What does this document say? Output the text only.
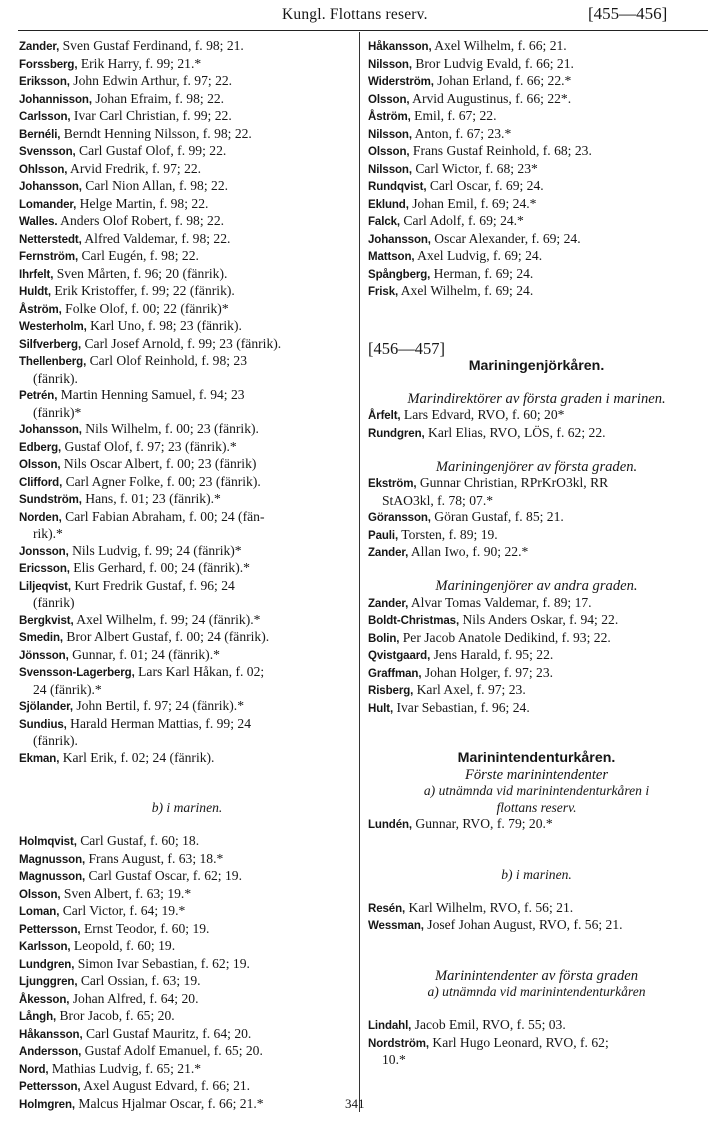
Kungl. Flottans reserv.	[455—456]
Zander, Sven Gustaf Ferdinand, f. 98; 21.
Forssberg, Erik Harry, f. 99; 21.*
Eriksson, John Edwin Arthur, f. 97; 22.
Johannisson, Johan Efraim, f. 98; 22.
Carlsson, Ivar Carl Christian, f. 99; 22.
Bernéli, Berndt Henning Nilsson, f. 98; 22.
Svensson, Carl Gustaf Olof, f. 99; 22.
Ohlsson, Arvid Fredrik, f. 97; 22.
Johansson, Carl Nion Allan, f. 98; 22.
Lomander, Helge Martin, f. 98; 22.
Walles. Anders Olof Robert, f. 98; 22.
Netterstedt, Alfred Valdemar, f. 98; 22.
Fernström, Carl Eugén, f. 98; 22.
Ihrfelt, Sven Mårten, f. 96; 20 (fänrik).
Huldt, Erik Kristoffer, f. 99; 22 (fänrik).
Åström, Folke Olof, f. 00; 22 (fänrik)*
Westerholm, Karl Uno, f. 98; 23 (fänrik).
Silfverberg, Carl Josef Arnold, f. 99; 23 (fänrik).
Thellenberg, Carl Olof Reinhold, f. 98; 23
(fänrik).
Petrén, Martin Henning Samuel, f. 94; 23
(fänrik)*
Johansson, Nils Wilhelm, f. 00; 23 (fänrik).
Edberg, Gustaf Olof, f. 97; 23 (fänrik).*
Olsson, Nils Oscar Albert, f. 00; 23 (fänrik)
Clifford, Carl Agner Folke, f. 00; 23 (fänrik).
Sundström, Hans, f. 01; 23 (fänrik).*
Norden, Carl Fabian Abraham, f. 00; 24 (fän-
rik).*
Jonsson, Nils Ludvig, f. 99; 24 (fänrik)*
Ericsson, Elis Gerhard, f. 00; 24 (fänrik).*
Liljeqvist, Kurt Fredrik Gustaf, f. 96; 24
(fänrik)
Bergkvist, Axel Wilhelm, f. 99; 24 (fänrik).*
Smedin, Bror Albert Gustaf, f. 00; 24 (fänrik).
Jönsson, Gunnar, f. 01; 24 (fänrik).*
Svensson-Lagerberg, Lars Karl Håkan, f. 02;
24 (fänrik).*
Sjölander, John Bertil, f. 97; 24 (fänrik).*
Sundius, Harald Herman Mattias, f. 99; 24
(fänrik).
Ekman, Karl Erik, f. 02; 24 (fänrik).
b) i marinen.
Holmqvist, Carl Gustaf, f. 60; 18.
Magnusson, Frans August, f. 63; 18.*
Magnusson, Carl Gustaf Oscar, f. 62; 19.
Olsson, Sven Albert, f. 63; 19.*
Loman, Carl Victor, f. 64; 19.*
Pettersson, Ernst Teodor, f. 60; 19.
Karlsson, Leopold, f. 60; 19.
Lundgren, Simon Ivar Sebastian, f. 62; 19.
Ljunggren, Carl Ossian, f. 63; 19.
Åkesson, Johan Alfred, f. 64; 20.
Långh, Bror Jacob, f. 65; 20.
Håkansson, Carl Gustaf Mauritz, f. 64; 20.
Andersson, Gustaf Adolf Emanuel, f. 65; 20.
Nord, Mathias Ludvig, f. 65; 21.*
Pettersson, Axel August Edvard, f. 66; 21.
Holmgren, Malcus Hjalmar Oscar, f. 66; 21.*
Håkansson, Axel Wilhelm, f. 66; 21.
Nilsson, Bror Ludvig Evald, f. 66; 21.
Widerström, Johan Erland, f. 66; 22.*
Olsson, Arvid Augustinus, f. 66; 22*.
Åström, Emil, f. 67; 22.
Nilsson, Anton, f. 67; 23.*
Olsson, Frans Gustaf Reinhold, f. 68; 23.
Nilsson, Carl Wictor, f. 68; 23*
Rundqvist, Carl Oscar, f. 69; 24.
Eklund, Johan Emil, f. 69; 24.*
Falck, Carl Adolf, f. 69; 24.*
Johansson, Oscar Alexander, f. 69; 24.
Mattson, Axel Ludvig, f. 69; 24.
Spångberg, Herman, f. 69; 24.
Frisk, Axel Wilhelm, f. 69; 24.
[456—457]
Mariningenjörkåren.
Marindirektörer av första graden i marinen.
Årfelt, Lars Edvard, RVO, f. 60; 20*
Rundgren, Karl Elias, RVO, LÖS, f. 62; 22.
Mariningenjörer av första graden.
Ekström, Gunnar Christian, RPrKrO3kl, RR
StAO3kl, f. 78; 07.*
Göransson, Göran Gustaf, f. 85; 21.
Pauli, Torsten, f. 89; 19.
Zander, Allan Iwo, f. 90; 22.*
Mariningenjörer av andra graden.
Zander, Alvar Tomas Valdemar, f. 89; 17.
Boldt-Christmas, Nils Anders Oskar, f. 94; 22.
Bolin, Per Jacob Anatole Dedikind, f. 93; 22.
Qvistgaard, Jens Harald, f. 95; 22.
Graffman, Johan Holger, f. 97; 23.
Risberg, Karl Axel, f. 97; 23.
Hult, Ivar Sebastian, f. 96; 24.
Marinintendenturkåren.
Förste marinintendenter
a) utnämnda vid marinintendenturkåren i
flottans reserv.
Lundén, Gunnar, RVO, f. 79; 20.*
b) i marinen.
Resén, Karl Wilhelm, RVO, f. 56; 21.
Wessman, Josef Johan August, RVO, f. 56; 21.
Marinintendenter av första graden
a) utnämnda vid marinintendenturkåren
Lindahl, Jacob Emil, RVO, f. 55; 03.
Nordström, Karl Hugo Leonard, RVO, f. 62;
10.*
341
